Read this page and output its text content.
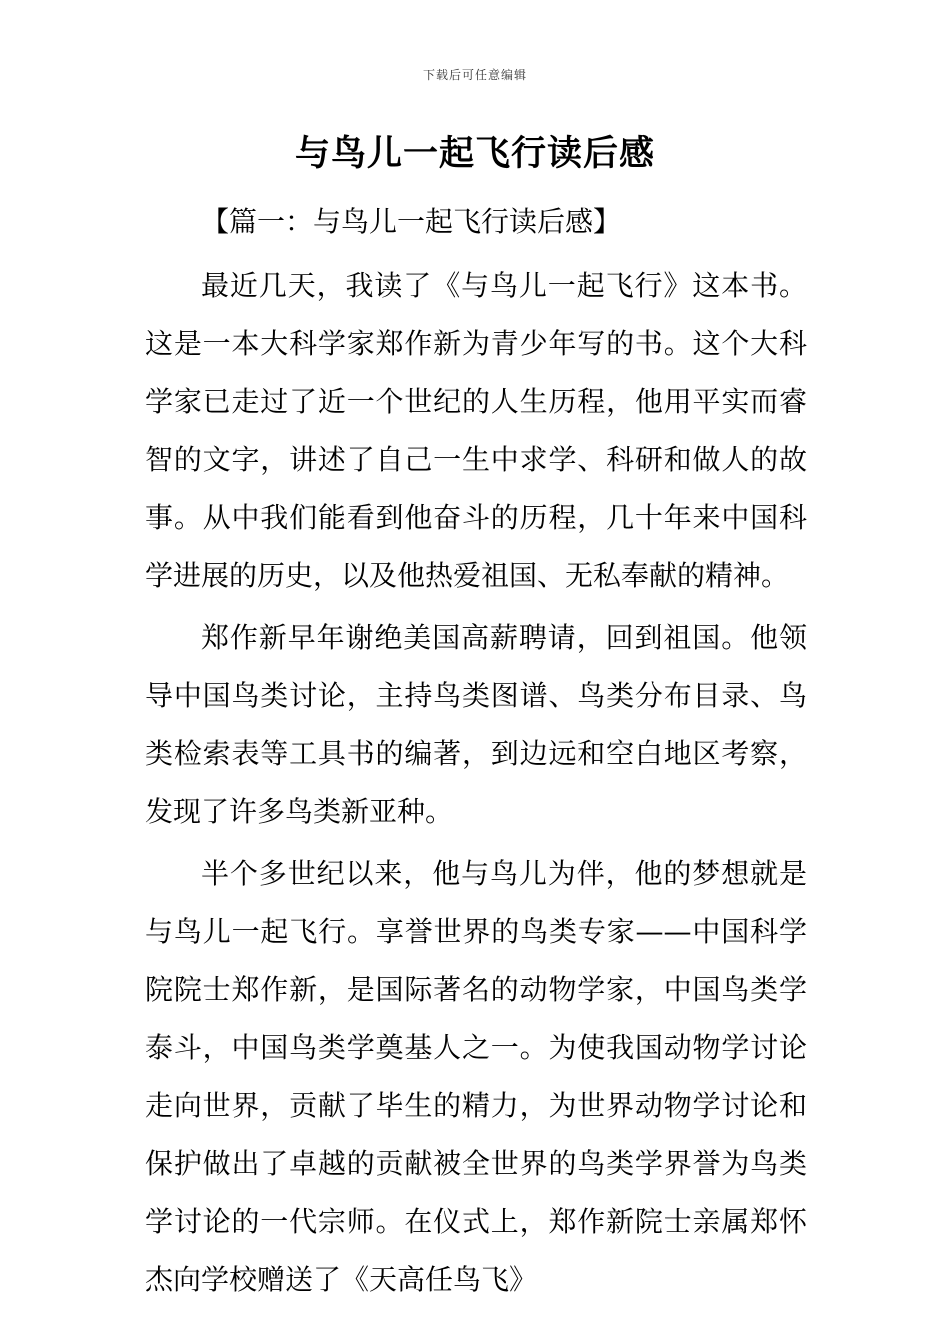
下载后可任意编辑
与鸟儿一起飞行读后感

【篇一：与鸟儿一起飞行读后感】

最近几天，我读了《与鸟儿一起飞行》这本书。这是一本大科学家郑作新为青少年写的书。这个大科学家已走过了近一个世纪的人生历程，他用平实而睿智的文字，讲述了自己一生中求学、科研和做人的故事。从中我们能看到他奋斗的历程，几十年来中国科学进展的历史，以及他热爱祖国、无私奉献的精神。

郑作新早年谢绝美国高薪聘请，回到祖国。他领导中国鸟类讨论，主持鸟类图谱、鸟类分布目录、鸟类检索表等工具书的编著，到边远和空白地区考察，发现了许多鸟类新亚种。

半个多世纪以来，他与鸟儿为伴，他的梦想就是与鸟儿一起飞行。享誉世界的鸟类专家——中国科学院院士郑作新，是国际著名的动物学家，中国鸟类学泰斗，中国鸟类学奠基人之一。为使我国动物学讨论走向世界，贡献了毕生的精力，为世界动物学讨论和保护做出了卓越的贡献被全世界的鸟类学界誉为鸟类学讨论的一代宗师。在仪式上，郑作新院士亲属郑怀杰向学校赠送了《天高任鸟飞》
